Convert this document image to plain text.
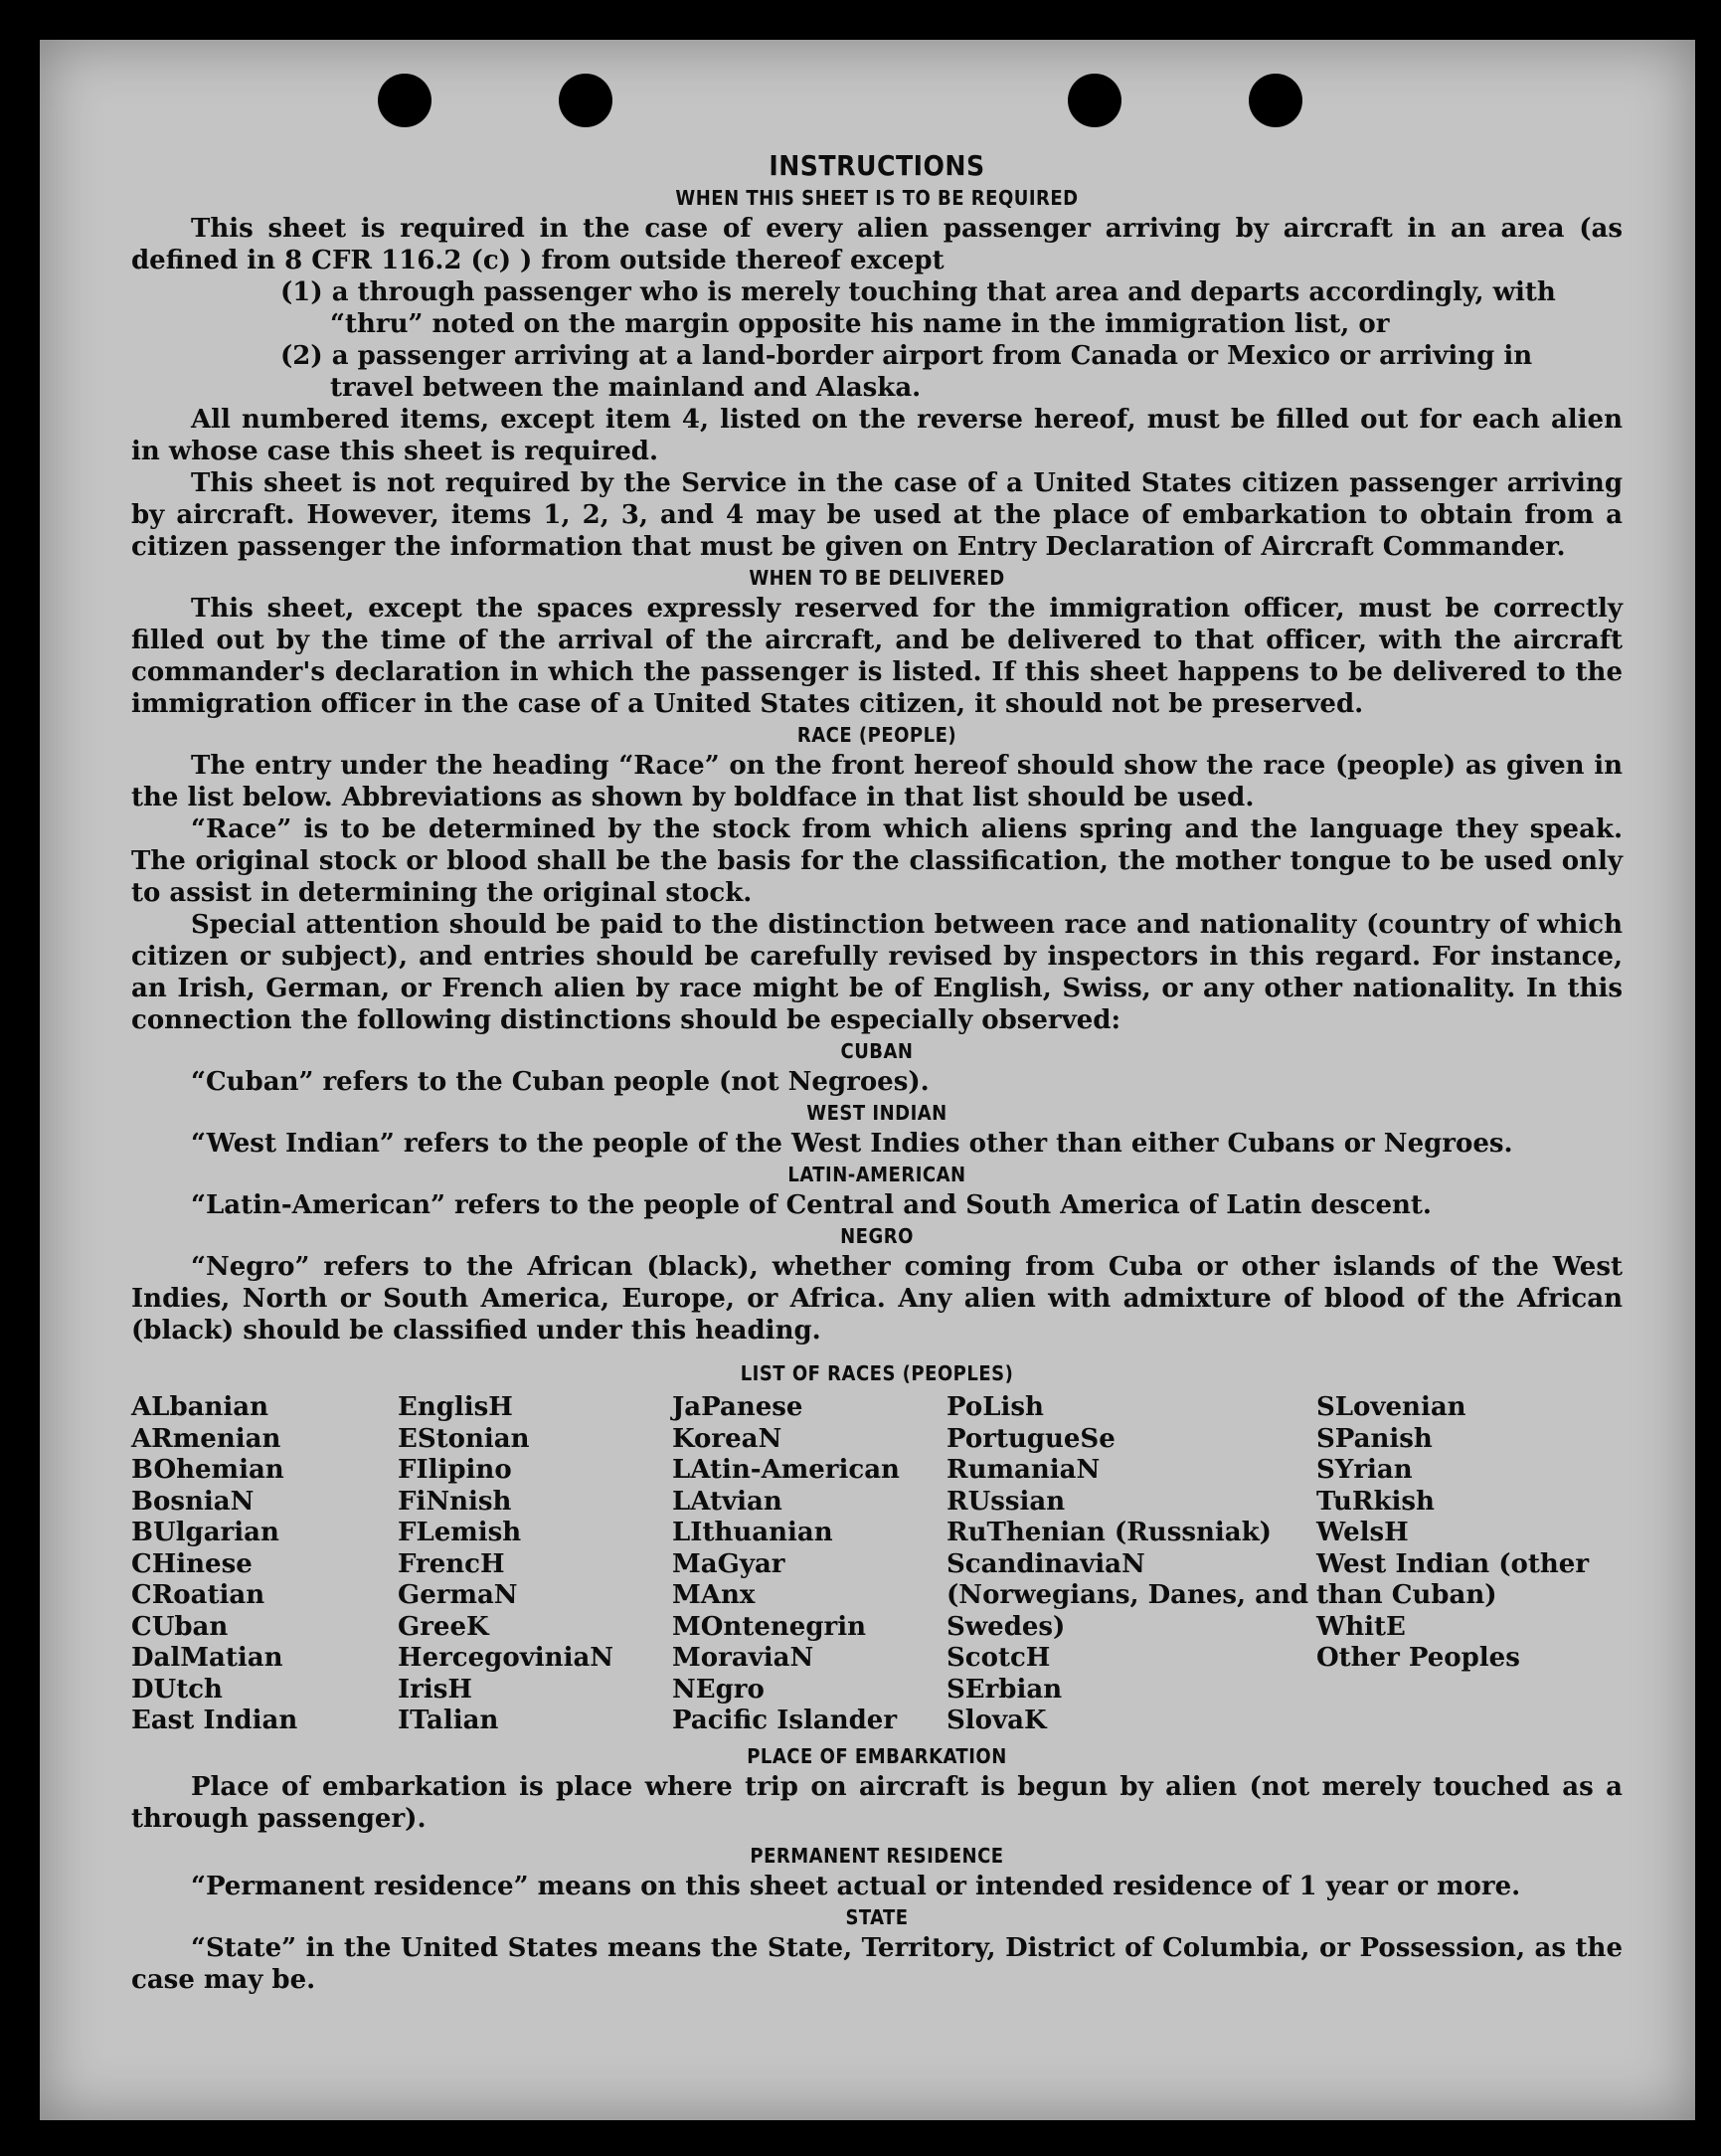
INSTRUCTIONS
WHEN THIS SHEET IS TO BE REQUIRED

This sheet is required in the case of every alien passenger arriving by aircraft in an area (as defined in 8 CFR 116.2 (c) ) from outside thereof except

(1) a through passenger who is merely touching that area and departs accordingly, with “thru” noted on the margin opposite his name in the immigration list, or

(2) a passenger arriving at a land-border airport from Canada or Mexico or arriving in travel between the mainland and Alaska.

All numbered items, except item 4, listed on the reverse hereof, must be filled out for each alien in whose case this sheet is required.

This sheet is not required by the Service in the case of a United States citizen passenger arriving by aircraft. However, items 1, 2, 3, and 4 may be used at the place of embarkation to obtain from a citizen passenger the information that must be given on Entry Declaration of Aircraft Commander.

WHEN TO BE DELIVERED

This sheet, except the spaces expressly reserved for the immigration officer, must be correctly filled out by the time of the arrival of the aircraft, and be delivered to that officer, with the aircraft commander's declaration in which the passenger is listed. If this sheet happens to be delivered to the immigration officer in the case of a United States citizen, it should not be preserved.

RACE (PEOPLE)

The entry under the heading “Race” on the front hereof should show the race (people) as given in the list below. Abbreviations as shown by boldface in that list should be used.

“Race” is to be determined by the stock from which aliens spring and the language they speak. The original stock or blood shall be the basis for the classification, the mother tongue to be used only to assist in determining the original stock.

Special attention should be paid to the distinction between race and nationality (country of which citizen or subject), and entries should be carefully revised by inspectors in this regard. For instance, an Irish, German, or French alien by race might be of English, Swiss, or any other nationality. In this connection the following distinctions should be especially observed:

CUBAN

“Cuban” refers to the Cuban people (not Negroes).

WEST INDIAN

“West Indian” refers to the people of the West Indies other than either Cubans or Negroes.

LATIN-AMERICAN

“Latin-American” refers to the people of Central and South America of Latin descent.

NEGRO

“Negro” refers to the African (black), whether coming from Cuba or other islands of the West Indies, North or South America, Europe, or Africa. Any alien with admixture of blood of the African (black) should be classified under this heading.

LIST OF RACES (PEOPLES)
ALbanian
ARmenian
BOhemian
BosniaN
BUlgarian
CHinese
CRoatian
CUban
DalMatian
DUtch
East Indian
EnglisH
EStonian
FIlipino
FiNnish
FLemish
FrencH
GermaN
GreeK
HercegoviniaN
IrisH
ITalian
JaPanese
KoreaN
LAtin-American
LAtvian
LIthuanian
MaGyar
MAnx
MOntenegrin
MoraviaN
NEgro
Pacific Islander
PoLish
PortugueSe
RumaniaN
RUssian
RuThenian (Russniak)
ScandinaviaN (Norwegians, Danes, and Swedes)
ScotcH
SErbian
SlovaK
SLovenian
SPanish
SYrian
TuRkish
WelsH
West Indian (other than Cuban)
WhitE
Other Peoples
PLACE OF EMBARKATION

Place of embarkation is place where trip on aircraft is begun by alien (not merely touched as a through passenger).

PERMANENT RESIDENCE

“Permanent residence” means on this sheet actual or intended residence of 1 year or more.

STATE

“State” in the United States means the State, Territory, District of Columbia, or Possession, as the case may be.
